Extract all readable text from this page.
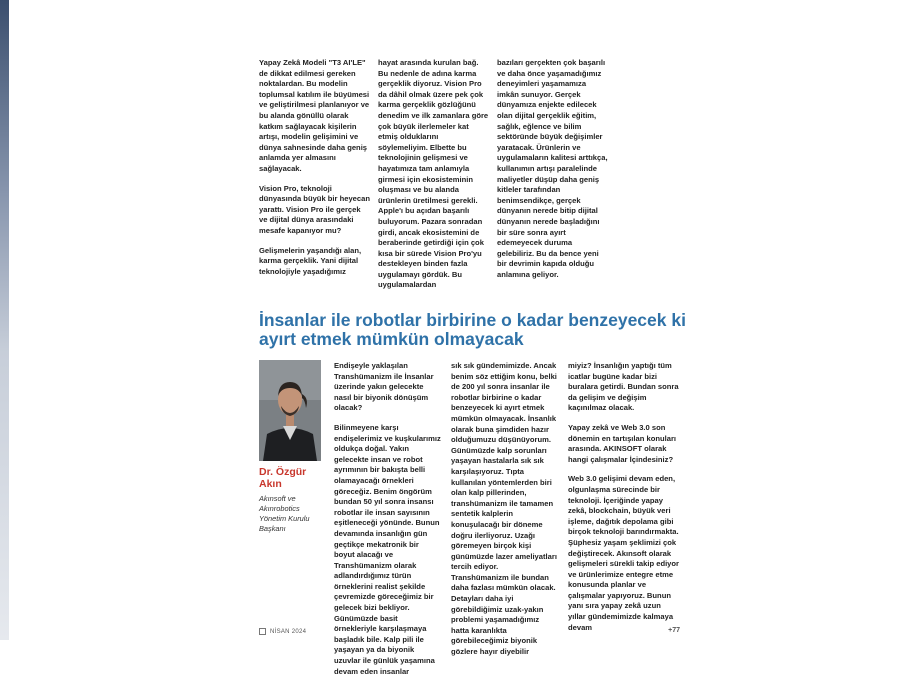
Yapay Zekâ Modeli "T3 AI'LE" de dikkat edilmesi gereken noktalardan. Bu modelin toplumsal katılım ile büyümesi ve geliştirilmesi planlanıyor ve bu alanda gönüllü olarak katkım sağlayacak kişilerin artışı, modelin gelişimini ve dünya sahnesinde daha geniş anlamda yer almasını sağlayacak.

Vision Pro, teknoloji dünyasında büyük bir heyecan yarattı. Vision Pro ile gerçek ve dijital dünya arasındaki mesafe kapanıyor mu?

Gelişmelerin yaşandığı alan, karma gerçeklik. Yani dijital teknolojiyle yaşadığımız

hayat arasında kurulan bağ. Bu nedenle de adına karma gerçeklik diyoruz. Vision Pro da dâhil olmak üzere pek çok karma gerçeklik gözlüğünü denedim ve ilk zamanlara göre çok büyük ilerlemeler kat etmiş olduklarını söylemeliyim. Elbette bu teknolojinin gelişmesi ve hayatımıza tam anlamıyla girmesi için ekosisteminin oluşması ve bu alanda ürünlerin üretilmesi gerekli. Apple'ı bu açıdan başarılı buluyorum. Pazara sonradan girdi, ancak ekosistemini de beraberinde getirdiği için çok kısa bir sürede Vision Pro'yu destekleyen binden fazla uygulamayı gördük. Bu uygulamalardan

bazıları gerçekten çok başarılı ve daha önce yaşamadığımız deneyimleri yaşamamıza imkân sunuyor. Gerçek dünyamıza enjekte edilecek olan dijital gerçeklik eğitim, sağlık, eğlence ve bilim sektöründe büyük değişimler yaratacak. Ürünlerin ve uygulamaların kalitesi arttıkça, kullanımın artışı paralelinde maliyetler düşüp daha geniş kitleler tarafından benimsendikçe, gerçek dünyanın nerede bitip dijital dünyanın nerede başladığını bir süre sonra ayırt edemeyecek duruma gelebiliriz. Bu da bence yeni bir devrimin kapıda olduğu anlamına geliyor.

İnsanlar ile robotlar birbirine o kadar benzeyecek ki ayırt etmek mümkün olmayacak

Dr. Özgür Akın

Akınsoft ve Akınrobotics Yönetim Kurulu Başkanı

Endişeyle yaklaşılan Transhümanizm ile İnsanlar üzerinde yakın gelecekte nasıl bir biyonik dönüşüm olacak?

Bilinmeyene karşı endişelerimiz ve kuşkularımız oldukça doğal. Yakın gelecekte insan ve robot ayrımının bir bakışta belli olamayacağı örnekleri göreceğiz. Benim öngörüm bundan 50 yıl sonra insansı robotlar ile insan sayısının eşitleneceği yönünde. Bunun devamında insanlığın gün geçtikçe mekatronik bir boyut alacağı ve Transhümanizm olarak adlandırdığımız türün örneklerini realist şekilde çevremizde göreceğimiz bir gelecek bizi bekliyor. Günümüzde basit örnekleriyle karşılaşmaya başladık bile. Kalp pili ile yaşayan ya da biyonik uzuvlar ile günlük yaşamına devam eden insanlar

sık sık gündemimizde. Ancak benim söz ettiğim konu, belki de 200 yıl sonra insanlar ile robotlar birbirine o kadar benzeyecek ki ayırt etmek mümkün olmayacak. İnsanlık olarak buna şimdiden hazır olduğumuzu düşünüyorum. Günümüzde kalp sorunları yaşayan hastalarla sık sık karşılaşıyoruz. Tıpta kullanılan yöntemlerden biri olan kalp pillerinden, transhümanizm ile tamamen sentetik kalplerin konuşulacağı bir döneme doğru ilerliyoruz. Uzağı göremeyen birçok kişi günümüzde lazer ameliyatları tercih ediyor. Transhümanizm ile bundan daha fazlası mümkün olacak. Detayları daha iyi görebildiğimiz uzak-yakın problemi yaşamadığımız hatta karanlıkta görebileceğimiz biyonik gözlere hayır diyebilir

miyiz? İnsanlığın yaptığı tüm icatlar bugüne kadar bizi buralara getirdi. Bundan sonra da gelişim ve değişim kaçınılmaz olacak.

Yapay zekâ ve Web 3.0 son dönemin en tartışılan konuları arasında. AKINSOFT olarak hangi çalışmalar İçindesiniz?

Web 3.0 gelişimi devam eden, olgunlaşma sürecinde bir teknoloji. İçeriğinde yapay zekâ, blockchain, büyük veri işleme, dağıtık depolama gibi birçok teknoloji barındırmakta. Şüphesiz yaşam şeklimizi çok değiştirecek. Akınsoft olarak gelişmeleri sürekli takip ediyor ve ürünlerimize entegre etme konusunda planlar ve çalışmalar yapıyoruz. Bunun yanı sıra yapay zekâ uzun yıllar gündemimizde kalmaya devam

NİSAN 2024	+77
